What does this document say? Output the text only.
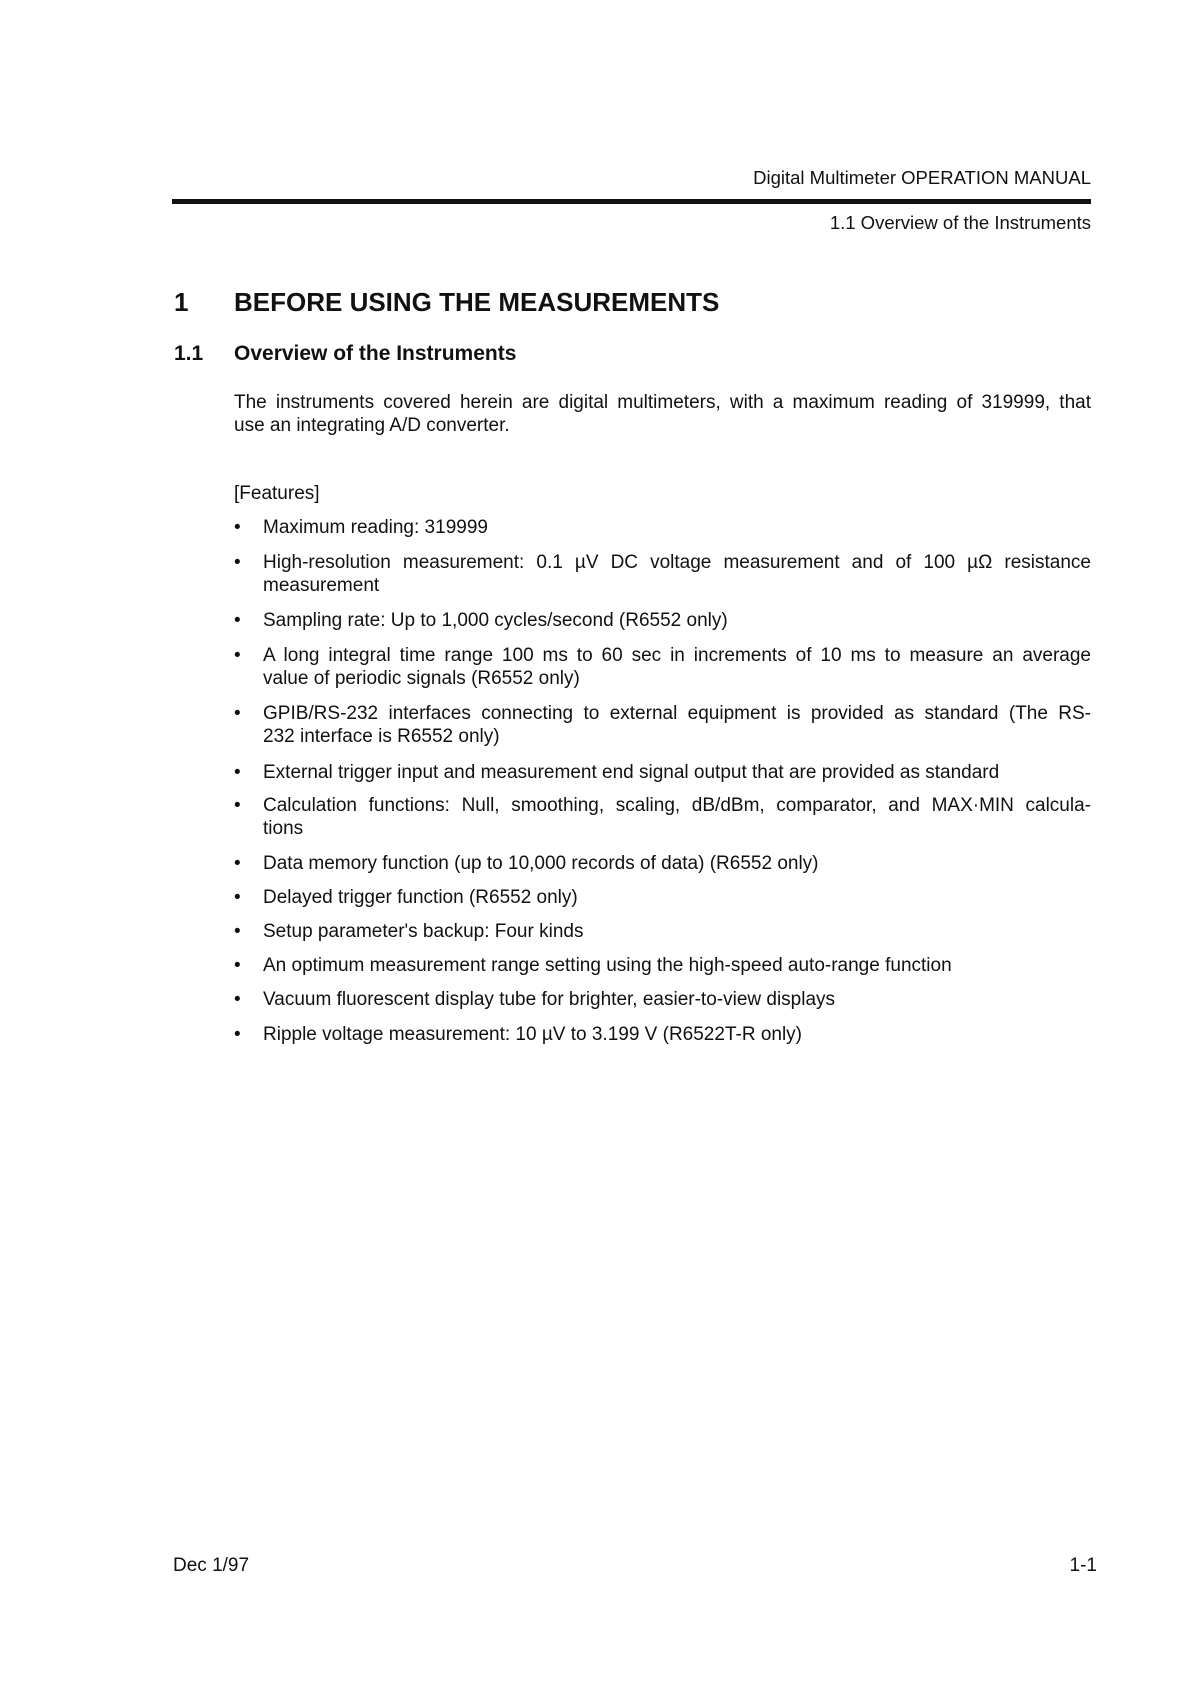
Digital Multimeter OPERATION MANUAL
1.1 Overview of the Instruments
1 BEFORE USING THE MEASUREMENTS
1.1 Overview of the Instruments
The instruments covered herein are digital multimeters, with a maximum reading of 319999, that
use an integrating A/D converter.
[Features]
• Maximum reading: 319999
• High-resolution measurement: 0.1 µV DC voltage measurement and of 100 µΩ resistance
measurement
• Sampling rate: Up to 1,000 cycles/second (R6552 only)
• A long integral time range 100 ms to 60 sec in increments of 10 ms to measure an average
value of periodic signals (R6552 only)
• GPIB/RS-232 interfaces connecting to external equipment is provided as standard (The RS-
232 interface is R6552 only)
• External trigger input and measurement end signal output that are provided as standard
• Calculation functions: Null, smoothing, scaling, dB/dBm, comparator, and MAX·MIN calcula-
tions
• Data memory function (up to 10,000 records of data) (R6552 only)
• Delayed trigger function (R6552 only)
• Setup parameter's backup: Four kinds
• An optimum measurement range setting using the high-speed auto-range function
• Vacuum fluorescent display tube for brighter, easier-to-view displays
• Ripple voltage measurement: 10 µV to 3.199 V (R6522T-R only)
Dec 1/97	1-1
